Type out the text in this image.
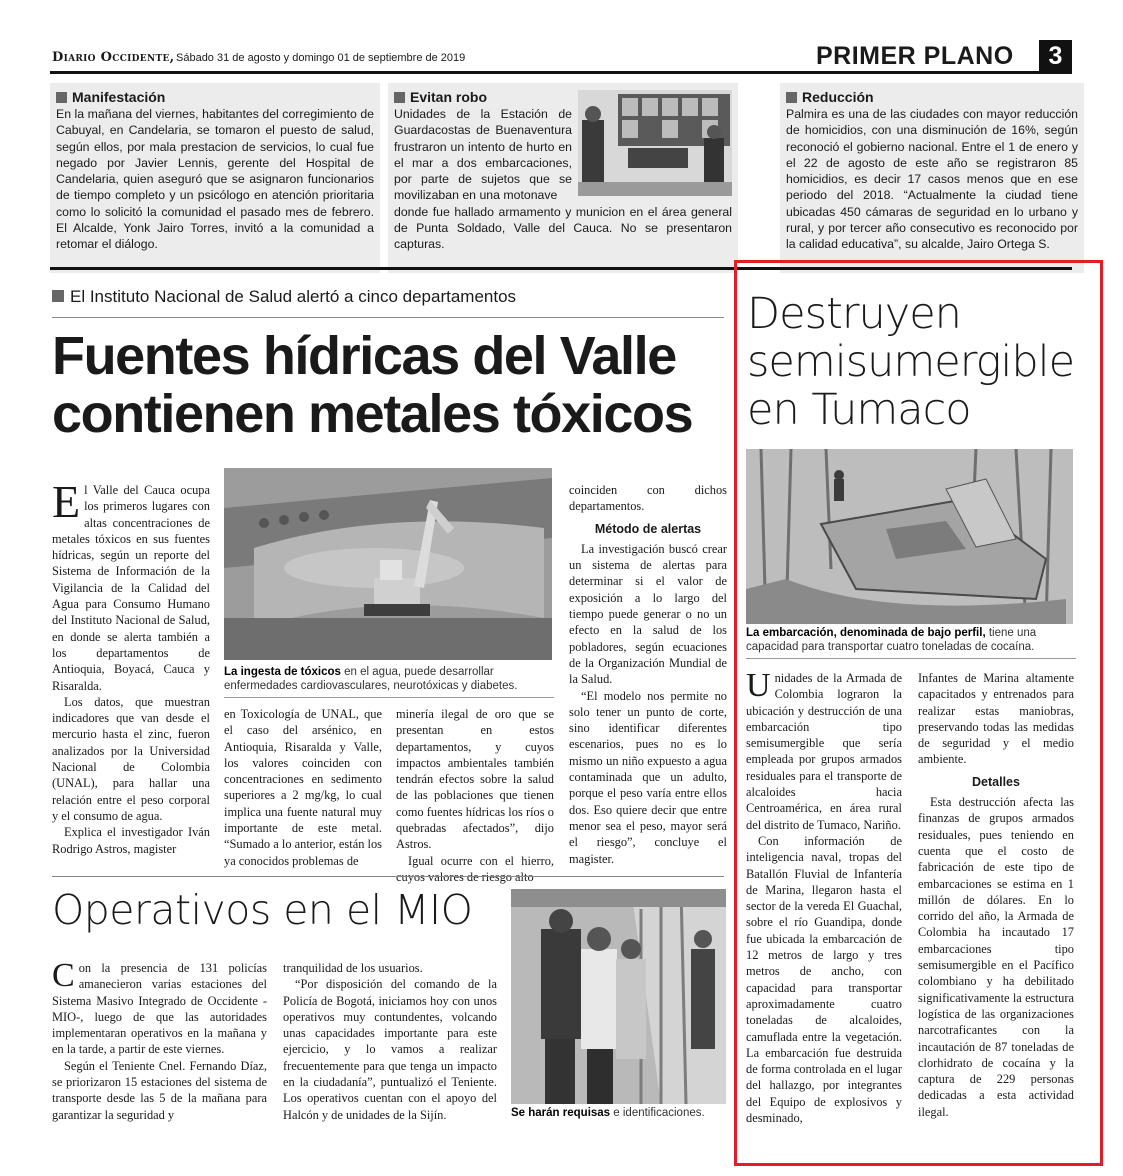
Diario Occidente, Sábado 31 de agosto y domingo 01 de septiembre de 2019	PRIMER PLANO	3
Manifestación
En la mañana del viernes, habitantes del corregimiento de Cabuyal, en Candelaria, se tomaron el puesto de salud, según ellos, por mala prestacion de servicios, lo cual fue negado por Javier Lennis, gerente del Hospital de Candelaria, quien aseguró que se asignaron funcionarios de tiempo completo y un psicólogo en atención prioritaria como lo solicitó la comunidad el pasado mes de febrero. El Alcalde, Yonk Jairo Torres, invitó a la comunidad a retomar el diálogo.
Evitan robo
Unidades de la Estación de Guardacostas de Buenaventura frustraron un intento de hurto en el mar a dos embarcaciones, por parte de sujetos que se movilizaban en una motonave
donde fue hallado armamento y municion en el área general de Punta Soldado, Valle del Cauca. No se presentaron capturas.
Reducción
Palmira es una de las ciudades con mayor reducción de homicidios, con una disminución de 16%, según reconoció el gobierno nacional. Entre el 1 de enero y el 22 de agosto de este año se registraron 85 homicidios, es decir 17 casos menos que en ese periodo del 2018. “Actualmente la ciudad tiene ubicadas 450 cámaras de seguridad en lo urbano y rural, y por tercer año consecutivo es reconocido por la calidad educativa”, su alcalde, Jairo Ortega S.
El Instituto Nacional de Salud alertó a cinco departamentos
Fuentes hídricas del Valle contienen metales tóxicos
La ingesta de tóxicos en el agua, puede desarrollar enfermedades cardiovasculares, neurotóxicas y diabetes.

El Valle del Cauca ocupa los primeros lugares con altas concentraciones de metales tóxicos en sus fuentes hídricas, según un reporte del Sistema de Información de la Vigilancia de la Calidad del Agua para Consumo Humano del Instituto Nacional de Salud, en donde se alerta también a los departamentos de Antioquia, Boyacá, Cauca y Risaralda.

Los datos, que muestran indicadores que van desde el mercurio hasta el zinc, fueron analizados por la Universidad Nacional de Colombia (UNAL), para hallar una relación entre el peso corporal y el consumo de agua.

Explica el investigador Iván Rodrigo Astros, magister

en Toxicología de UNAL, que el caso del arsénico, en Antioquia, Risaralda y Valle, los valores coinciden con concentraciones en sedimento superiores a 2 mg/kg, lo cual implica una fuente natural muy importante de este metal. “Sumado a lo anterior, están los ya conocidos problemas de

minería ilegal de oro que se presentan en estos departamentos, y cuyos impactos ambientales también tendrán efectos sobre la salud de las poblaciones que tienen como fuentes hídricas los ríos o quebradas afectados”, dijo Astros.

Igual ocurre con el hierro,

coinciden con dichos departamentos.

Método de alertas

La investigación buscó crear un sistema de alertas para determinar si el valor de exposición a lo largo del tiempo puede generar o no un efecto en la salud de los pobladores, según ecuaciones de la Organización Mundial de la Salud.

“El modelo nos permite no solo tener un punto de corte, sino identificar diferentes escenarios, pues no es lo mismo un niño expuesto a agua contaminada que un adulto, porque el peso varía entre ellos dos. Eso quiere decir que entre menor sea el peso, mayor será el riesgo”, concluye el magister.

Operativos en el MIO

Con la presencia de 131 policías amanecieron varias estaciones del Sistema Masivo Integrado de Occidente -MIO-, luego de que las autoridades implementaran operativos en la mañana y en la tarde, a partir de este viernes.

Según el Teniente Cnel. Fernando Díaz, se priorizaron 15 estaciones del sistema de transporte desde las 5 de la mañana para garantizar la seguridad y

tranquilidad de los usuarios.

“Por disposición del comando de la Policía de Bogotá, iniciamos hoy con unos operativos muy contundentes, volcando unas capacidades importante para este ejercicio, y lo vamos a realizar frecuentemente para que tenga un impacto en la ciudadanía”, puntualizó el Teniente. Los operativos cuentan con el apoyo del Halcón y de unidades de la Sijín.	Se harán requisas e identificaciones.
Destruyen semisumergible en Tumaco
La embarcación, denominada de bajo perfil, tiene una capacidad para transportar cuatro toneladas de cocaína.

Unidades de la Armada de Colombia lograron la ubicación y destrucción de una embarcación tipo semisumergible que sería empleada por grupos armados residuales para el transporte de alcaloides hacia Centroamérica, en área rural del distrito de Tumaco, Nariño.

Con información de inteligencia naval, tropas del Batallón Fluvial de Infantería de Marina, llegaron hasta el sector de la vereda El Guachal, sobre el río Guandipa, donde fue ubicada la embarcación de 12 metros de largo y tres metros de ancho, con capacidad para transportar aproximadamente cuatro toneladas de alcaloides, camuflada entre la vegetación. La embarcación fue destruida de forma controlada en el lugar del hallazgo, por integrantes del Equipo de explosivos y desminado,

Infantes de Marina altamente capacitados y entrenados para realizar estas maniobras, preservando todas las medidas de seguridad y el medio ambiente.

Detalles

Esta destrucción afecta las finanzas de grupos armados residuales, pues teniendo en cuenta que el costo de fabricación de este tipo de embarcaciones se estima en 1 millón de dólares. En lo corrido del año, la Armada de Colombia ha incautado 17 embarcaciones tipo semisumergible en el Pacífico colombiano y ha debilitado significativamente la estructura logística de las organizaciones narcotraficantes con la incautación de 87 toneladas de clorhidrato de cocaína y la captura de 229 personas dedicadas a esta actividad ilegal.
